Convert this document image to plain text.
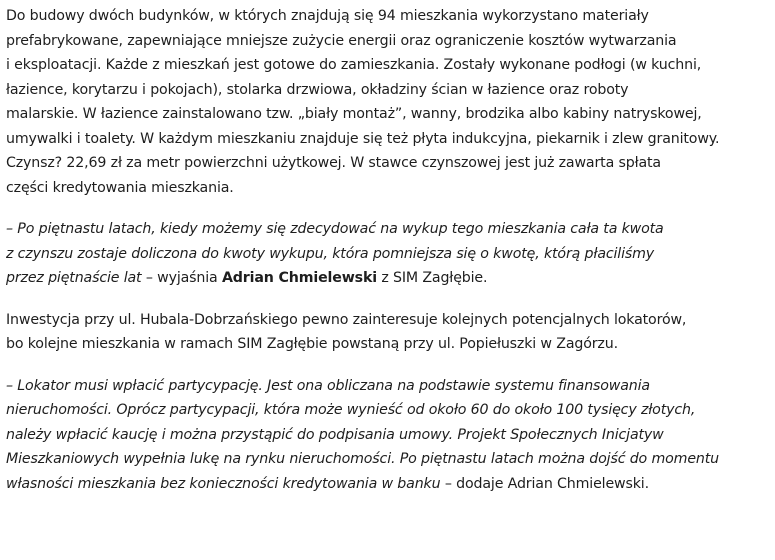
Do budowy dwóch budynków, w których znajdują się 94 mieszkania wykorzystano materiały
prefabrykowane, zapewniające mniejsze zużycie energii oraz ograniczenie kosztów wytwarzania
i eksploatacji. Każde z mieszkań jest gotowe do zamieszkania. Zostały wykonane podłogi (w kuchni,
łazience, korytarzu i pokojach), stolarka drzwiowa, okładziny ścian w łazience oraz roboty
malarskie. W łazience zainstalowano tzw. „biały montaż”, wanny, brodzika albo kabiny natryskowej,
umywalki i toalety. W każdym mieszkaniu znajduje się też płyta indukcyjna, piekarnik i zlew granitowy.
Czynsz? 22,69 zł za metr powierzchni użytkowej. W stawce czynszowej jest już zawarta spłata
części kredytowania mieszkania.

– Po piętnastu latach, kiedy możemy się zdecydować na wykup tego mieszkania cała ta kwota
z czynszu zostaje doliczona do kwoty wykupu, która pomniejsza się o kwotę, którą płaciliśmy
przez piętnaście lat – wyjaśnia Adrian Chmielewski z SIM Zagłębie.

Inwestycja przy ul. Hubala-Dobrzańskiego pewno zainteresuje kolejnych potencjalnych lokatorów,
bo kolejne mieszkania w ramach SIM Zagłębie powstaną przy ul. Popiełuszki w Zagórzu.

– Lokator musi wpłacić partycypację. Jest ona obliczana na podstawie systemu finansowania
nieruchomości. Oprócz partycypacji, która może wynieść od około 60 do około 100 tysięcy złotych,
należy wpłacić kaucję i można przystąpić do podpisania umowy. Projekt Społecznych Inicjatyw
Mieszkaniowych wypełnia lukę na rynku nieruchomości. Po piętnastu latach można dojść do momentu
własności mieszkania bez konieczności kredytowania w banku – dodaje Adrian Chmielewski.
